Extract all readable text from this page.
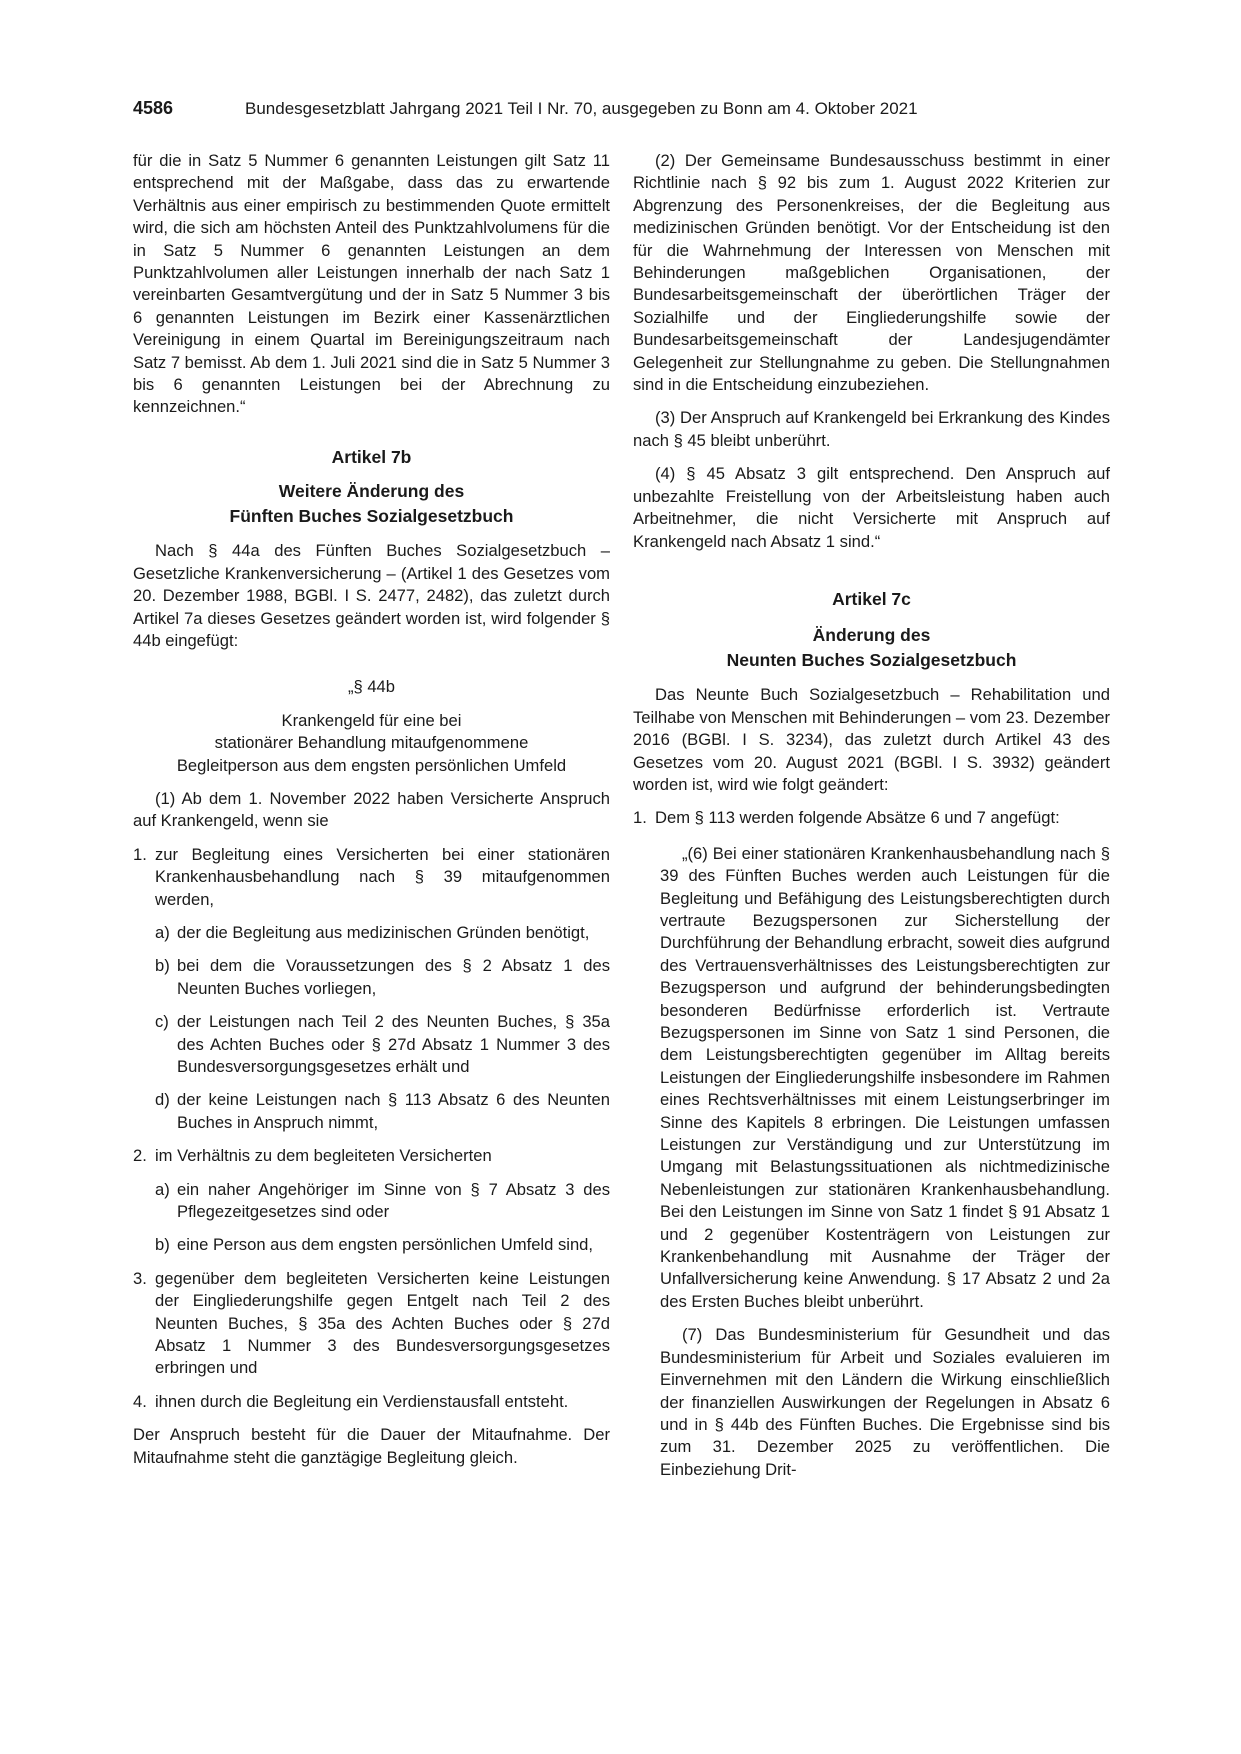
4586	Bundesgesetzblatt Jahrgang 2021 Teil I Nr. 70, ausgegeben zu Bonn am 4. Oktober 2021

für die in Satz 5 Nummer 6 genannten Leistungen gilt Satz 11 entsprechend mit der Maßgabe, dass das zu erwartende Verhältnis aus einer empirisch zu bestimmenden Quote ermittelt wird, die sich am höchsten Anteil des Punktzahlvolumens für die in Satz 5 Nummer 6 genannten Leistungen an dem Punktzahlvolumen aller Leistungen innerhalb der nach Satz 1 vereinbarten Gesamtvergütung und der in Satz 5 Nummer 3 bis 6 genannten Leistungen im Bezirk einer Kassenärztlichen Vereinigung in einem Quartal im Bereinigungszeitraum nach Satz 7 bemisst. Ab dem 1. Juli 2021 sind die in Satz 5 Nummer 3 bis 6 genannten Leistungen bei der Abrechnung zu kennzeichnen.“

Artikel 7b
Weitere Änderung des
Fünften Buches Sozialgesetzbuch

Nach § 44a des Fünften Buches Sozialgesetzbuch – Gesetzliche Krankenversicherung – (Artikel 1 des Gesetzes vom 20. Dezember 1988, BGBl. I S. 2477, 2482), das zuletzt durch Artikel 7a dieses Gesetzes geändert worden ist, wird folgender § 44b eingefügt:

„§ 44b
Krankengeld für eine bei
stationärer Behandlung mitaufgenommene
Begleitperson aus dem engsten persönlichen Umfeld

(1) Ab dem 1. November 2022 haben Versicherte Anspruch auf Krankengeld, wenn sie

1. zur Begleitung eines Versicherten bei einer stationären Krankenhausbehandlung nach § 39 mitaufgenommen werden,
a) der die Begleitung aus medizinischen Gründen benötigt,
b) bei dem die Voraussetzungen des § 2 Absatz 1 des Neunten Buches vorliegen,
c) der Leistungen nach Teil 2 des Neunten Buches, § 35a des Achten Buches oder § 27d Absatz 1 Nummer 3 des Bundesversorgungsgesetzes erhält und
d) der keine Leistungen nach § 113 Absatz 6 des Neunten Buches in Anspruch nimmt,
2. im Verhältnis zu dem begleiteten Versicherten
a) ein naher Angehöriger im Sinne von § 7 Absatz 3 des Pflegezeitgesetzes sind oder
b) eine Person aus dem engsten persönlichen Umfeld sind,
3. gegenüber dem begleiteten Versicherten keine Leistungen der Eingliederungshilfe gegen Entgelt nach Teil 2 des Neunten Buches, § 35a des Achten Buches oder § 27d Absatz 1 Nummer 3 des Bundesversorgungsgesetzes erbringen und
4. ihnen durch die Begleitung ein Verdienstausfall entsteht.

Der Anspruch besteht für die Dauer der Mitaufnahme. Der Mitaufnahme steht die ganztägige Begleitung gleich.

(2) Der Gemeinsame Bundesausschuss bestimmt in einer Richtlinie nach § 92 bis zum 1. August 2022 Kriterien zur Abgrenzung des Personenkreises, der die Begleitung aus medizinischen Gründen benötigt. Vor der Entscheidung ist den für die Wahrnehmung der Interessen von Menschen mit Behinderungen maßgeblichen Organisationen, der Bundesarbeitsgemeinschaft der überörtlichen Träger der Sozialhilfe und der Eingliederungshilfe sowie der Bundesarbeitsgemeinschaft der Landesjugendämter Gelegenheit zur Stellungnahme zu geben. Die Stellungnahmen sind in die Entscheidung einzubeziehen.

(3) Der Anspruch auf Krankengeld bei Erkrankung des Kindes nach § 45 bleibt unberührt.

(4) § 45 Absatz 3 gilt entsprechend. Den Anspruch auf unbezahlte Freistellung von der Arbeitsleistung haben auch Arbeitnehmer, die nicht Versicherte mit Anspruch auf Krankengeld nach Absatz 1 sind.“

Artikel 7c
Änderung des
Neunten Buches Sozialgesetzbuch

Das Neunte Buch Sozialgesetzbuch – Rehabilitation und Teilhabe von Menschen mit Behinderungen – vom 23. Dezember 2016 (BGBl. I S. 3234), das zuletzt durch Artikel 43 des Gesetzes vom 20. August 2021 (BGBl. I S. 3932) geändert worden ist, wird wie folgt geändert:

1. Dem § 113 werden folgende Absätze 6 und 7 angefügt:

„(6) Bei einer stationären Krankenhausbehandlung nach § 39 des Fünften Buches werden auch Leistungen für die Begleitung und Befähigung des Leistungsberechtigten durch vertraute Bezugspersonen zur Sicherstellung der Durchführung der Behandlung erbracht, soweit dies aufgrund des Vertrauensverhältnisses des Leistungsberechtigten zur Bezugsperson und aufgrund der behinderungsbedingten besonderen Bedürfnisse erforderlich ist. Vertraute Bezugspersonen im Sinne von Satz 1 sind Personen, die dem Leistungsberechtigten gegenüber im Alltag bereits Leistungen der Eingliederungshilfe insbesondere im Rahmen eines Rechtsverhältnisses mit einem Leistungserbringer im Sinne des Kapitels 8 erbringen. Die Leistungen umfassen Leistungen zur Verständigung und zur Unterstützung im Umgang mit Belastungssituationen als nichtmedizinische Nebenleistungen zur stationären Krankenhausbehandlung. Bei den Leistungen im Sinne von Satz 1 findet § 91 Absatz 1 und 2 gegenüber Kostenträgern von Leistungen zur Krankenbehandlung mit Ausnahme der Träger der Unfallversicherung keine Anwendung. § 17 Absatz 2 und 2a des Ersten Buches bleibt unberührt.

(7) Das Bundesministerium für Gesundheit und das Bundesministerium für Arbeit und Soziales evaluieren im Einvernehmen mit den Ländern die Wirkung einschließlich der finanziellen Auswirkungen der Regelungen in Absatz 6 und in § 44b des Fünften Buches. Die Ergebnisse sind bis zum 31. Dezember 2025 zu veröffentlichen. Die Einbeziehung Drit-
